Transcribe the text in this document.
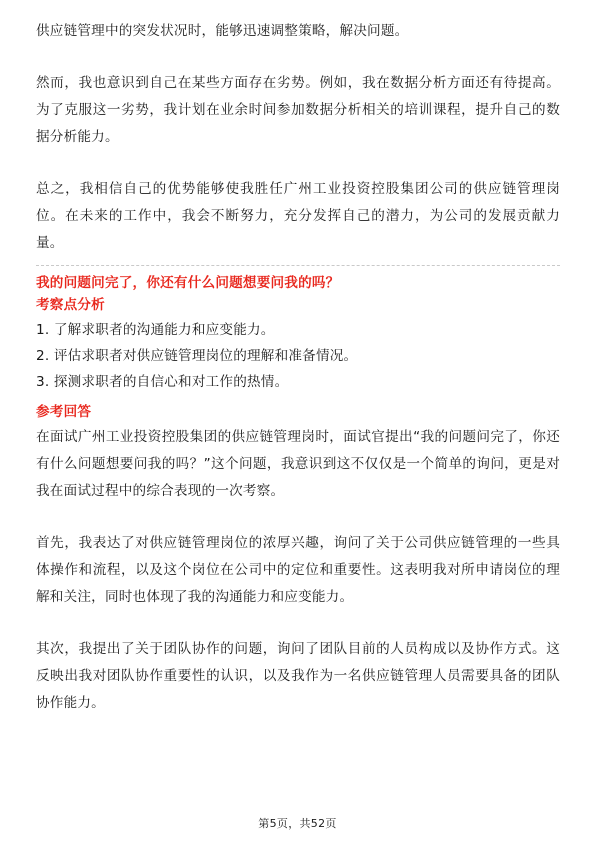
供应链管理中的突发状况时，能够迅速调整策略，解决问题。

然而，我也意识到自己在某些方面存在劣势。例如，我在数据分析方面还有待提高。为了克服这一劣势，我计划在业余时间参加数据分析相关的培训课程，提升自己的数据分析能力。

总之，我相信自己的优势能够使我胜任广州工业投资控股集团公司的供应链管理岗位。在未来的工作中，我会不断努力，充分发挥自己的潜力，为公司的发展贡献力量。

我的问题问完了，你还有什么问题想要问我的吗？

考察点分析

1. 了解求职者的沟通能力和应变能力。

2. 评估求职者对供应链管理岗位的理解和准备情况。

3. 探测求职者的自信心和对工作的热情。

参考回答

在面试广州工业投资控股集团的供应链管理岗时，面试官提出“我的问题问完了，你还有什么问题想要问我的吗？”这个问题，我意识到这不仅仅是一个简单的询问，更是对我在面试过程中的综合表现的一次考察。

首先，我表达了对供应链管理岗位的浓厚兴趣，询问了关于公司供应链管理的一些具体操作和流程，以及这个岗位在公司中的定位和重要性。这表明我对所申请岗位的理解和关注，同时也体现了我的沟通能力和应变能力。

其次，我提出了关于团队协作的问题，询问了团队目前的人员构成以及协作方式。这反映出我对团队协作重要性的认识，以及我作为一名供应链管理人员需要具备的团队协作能力。

第5页，共52页
